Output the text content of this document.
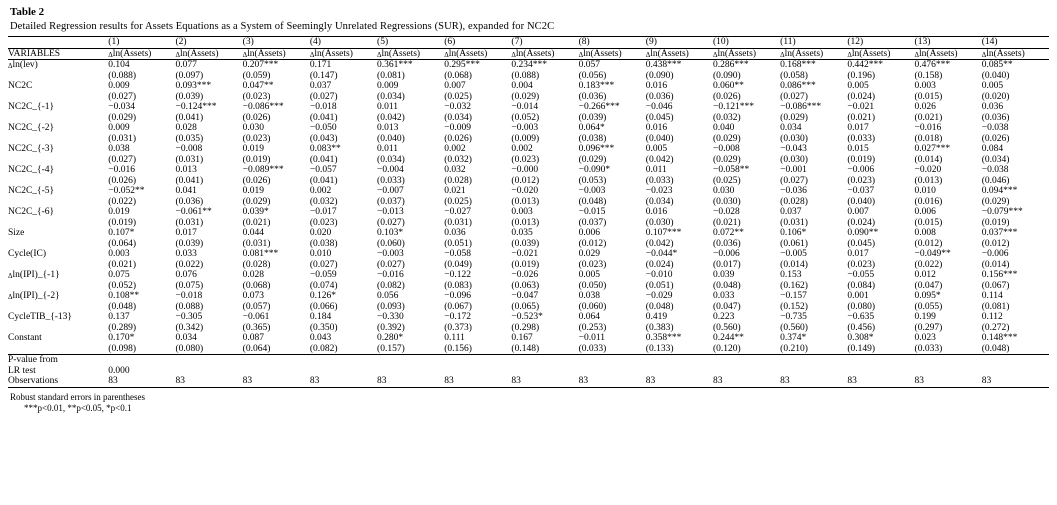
Table 2
Detailed Regression results for Assets Equations as a System of Seemingly Unrelated Regressions (SUR), expanded for NC2C
	(1)	(2)	(3)	(4)	(5)	(6)	(7)	(8)	(9)	(10)	(11)	(12)	(13)	(14)
VARIABLES	Δln(Assets)	Δln(Assets)	Δln(Assets)	Δln(Assets)	Δln(Assets)	Δln(Assets)	Δln(Assets)	Δln(Assets)	Δln(Assets)	Δln(Assets)	Δln(Assets)	Δln(Assets)	Δln(Assets)	Δln(Assets)
Δln(lev)	0.104	0.077	0.207***	0.171	0.361***	0.295***	0.234***	0.057	0.438***	0.286***	0.168***	0.442***	0.476***	0.085**
	(0.088)	(0.097)	(0.059)	(0.147)	(0.081)	(0.068)	(0.088)	(0.056)	(0.090)	(0.090)	(0.058)	(0.196)	(0.158)	(0.040)
NC2C	0.009	0.093***	0.047**	0.037	0.009	0.007	0.004	0.183***	0.016	0.060**	0.086***	0.005	0.003	0.005
	(0.027)	(0.039)	(0.023)	(0.027)	(0.034)	(0.025)	(0.029)	(0.036)	(0.036)	(0.026)	(0.027)	(0.024)	(0.015)	(0.020)
NC2C_{-1}	−0.034	−0.124***	−0.086***	−0.018	0.011	−0.032	−0.014	−0.266***	−0.046	−0.121***	−0.086***	−0.021	0.026	0.036
	(0.029)	(0.041)	(0.026)	(0.041)	(0.042)	(0.034)	(0.052)	(0.039)	(0.045)	(0.032)	(0.029)	(0.021)	(0.021)	(0.036)
NC2C_{-2}	0.009	0.028	0.030	−0.050	0.013	−0.009	−0.003	0.064*	0.016	0.040	0.034	0.017	−0.016	−0.038
	(0.031)	(0.035)	(0.023)	(0.043)	(0.040)	(0.026)	(0.009)	(0.038)	(0.040)	(0.029)	(0.030)	(0.033)	(0.018)	(0.026)
NC2C_{-3}	0.038	−0.008	0.019	0.083**	0.011	0.002	0.002	0.096***	0.005	−0.008	−0.043	0.015	0.027***	0.084
	(0.027)	(0.031)	(0.019)	(0.041)	(0.034)	(0.032)	(0.023)	(0.029)	(0.042)	(0.029)	(0.030)	(0.019)	(0.014)	(0.034)
NC2C_{-4}	−0.016	0.013	−0.089***	−0.057	−0.004	0.032	−0.000	−0.090*	0.011	−0.058**	−0.001	−0.006	−0.020	−0.038
	(0.026)	(0.041)	(0.026)	(0.041)	(0.033)	(0.028)	(0.012)	(0.053)	(0.033)	(0.025)	(0.027)	(0.023)	(0.013)	(0.046)
NC2C_{-5}	−0.052**	0.041	0.019	0.002	−0.007	0.021	−0.020	−0.003	−0.023	0.030	−0.036	−0.037	0.010	0.094***
	(0.022)	(0.036)	(0.029)	(0.032)	(0.037)	(0.025)	(0.013)	(0.048)	(0.034)	(0.030)	(0.028)	(0.040)	(0.016)	(0.029)
NC2C_{-6}	0.019	−0.061**	0.039*	−0.017	−0.013	−0.027	0.003	−0.015	0.016	−0.028	0.037	0.007	0.006	−0.079***
	(0.019)	(0.031)	(0.021)	(0.023)	(0.027)	(0.031)	(0.013)	(0.037)	(0.030)	(0.021)	(0.031)	(0.024)	(0.015)	(0.019)
Size	0.107*	0.017	0.044	0.020	0.103*	0.036	0.035	0.006	0.107***	0.072**	0.106*	0.090**	0.008	0.037***
	(0.064)	(0.039)	(0.031)	(0.038)	(0.060)	(0.051)	(0.039)	(0.012)	(0.042)	(0.036)	(0.061)	(0.045)	(0.012)	(0.012)
Cycle(IC)	0.003	0.033	0.081***	0.010	−0.003	−0.058	−0.021	0.029	−0.044*	−0.006	−0.005	0.017	−0.049**	−0.006
	(0.021)	(0.022)	(0.028)	(0.027)	(0.027)	(0.049)	(0.019)	(0.023)	(0.024)	(0.017)	(0.014)	(0.023)	(0.022)	(0.014)
Δln(IPI)_{-1}	0.075	0.076	0.028	−0.059	−0.016	−0.122	−0.026	0.005	−0.010	0.039	0.153	−0.055	0.012	0.156***
	(0.052)	(0.075)	(0.068)	(0.074)	(0.082)	(0.083)	(0.063)	(0.050)	(0.051)	(0.048)	(0.162)	(0.084)	(0.047)	(0.067)
Δln(IPI)_{-2}	0.108**	−0.018	0.073	0.126*	0.056	−0.096	−0.047	0.038	−0.029	0.033	−0.157	0.001	0.095*	0.114
	(0.048)	(0.088)	(0.057)	(0.066)	(0.093)	(0.067)	(0.065)	(0.060)	(0.048)	(0.047)	(0.152)	(0.080)	(0.055)	(0.081)
CycleTIB_{-13}	0.137	−0.305	−0.061	0.184	−0.330	−0.172	−0.523*	0.064	0.419	0.223	−0.735	−0.635	0.199	0.112
	(0.289)	(0.342)	(0.365)	(0.350)	(0.392)	(0.373)	(0.298)	(0.253)	(0.383)	(0.560)	(0.560)	(0.456)	(0.297)	(0.272)
Constant	0.170*	0.034	0.087	0.043	0.280*	0.111	0.167	−0.011	0.358***	0.244**	0.374*	0.308*	0.023	0.148***
	(0.098)	(0.080)	(0.064)	(0.082)	(0.157)	(0.156)	(0.148)	(0.033)	(0.133)	(0.120)	(0.210)	(0.149)	(0.033)	(0.048)
P-value from														
LR test	0.000													
Observations	83	83	83	83	83	83	83	83	83	83	83	83	83	83

Robust standard errors in parentheses
***p<0.01, **p<0.05, *p<0.1
